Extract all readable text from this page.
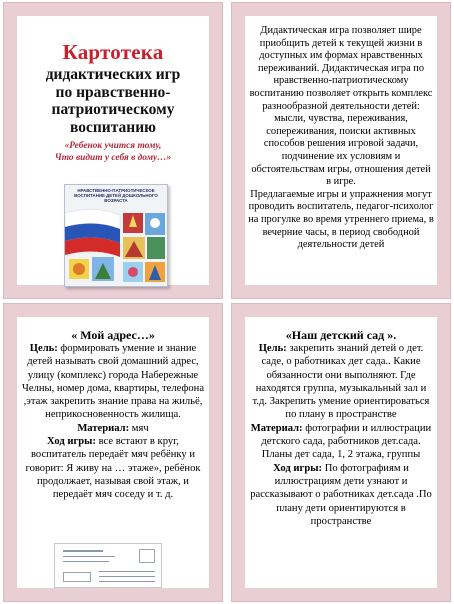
Картотека
дидактических игр
по нравственно-
патриотическому
воспитанию
«Ребенок учится тому,
Что видит у себя в дому…»
НРАВСТВЕННО-ПАТРИОТИЧЕСКОЕ ВОСПИТАНИЕ ДЕТЕЙ ДОШКОЛЬНОГО ВОЗРАСТА

Дидактическая игра позволяет шире приобщить детей к текущей жизни в доступных им формах нравственных переживаний. Дидактическая игра по нравственно-патриотическому воспитанию позволяет открыть комплекс разнообразной деятельности детей: мысли, чувства, переживания, сопереживания, поиски активных способов решения игровой задачи, подчинение их условиям и обстоятельствам игры, отношения детей в игре.

Предлагаемые игры и упражнения могут проводить воспитатель, педагог-психолог на прогулке во время утреннего приема, в вечерние часы, в период свободной деятельности детей

« Мой адрес…»

Цель: формировать умение и знание детей называть свой домашний адрес, улицу (комплекс) города Набережные Челны, номер дома, квартиры, телефона ,этаж закрепить знание права на жильё, неприкосновенность жилища.

Материал: мяч

Ход игры: все встают в круг, воспитатель передаёт мяч ребёнку и говорит: Я живу на … этаже», ребёнок продолжает, называя свой этаж, и передаёт мяч соседу и т. д.

«Наш детский сад ».

Цель: закрепить знаний детей о дет. саде, о работниках дет сада.. Какие обязанности они выполняют. Где находятся группа, музыкальный зал и т.д. Закрепить умение ориентироваться по плану в пространстве

Материал: фотографии и иллюстрации детского сада, работников дет.сада. Планы дет сада, 1, 2 этажа, группы

Ход игры: По фотографиям и иллюстрациям дети узнают и рассказывают о работниках дет.сада .По плану дети ориентируются в пространстве
